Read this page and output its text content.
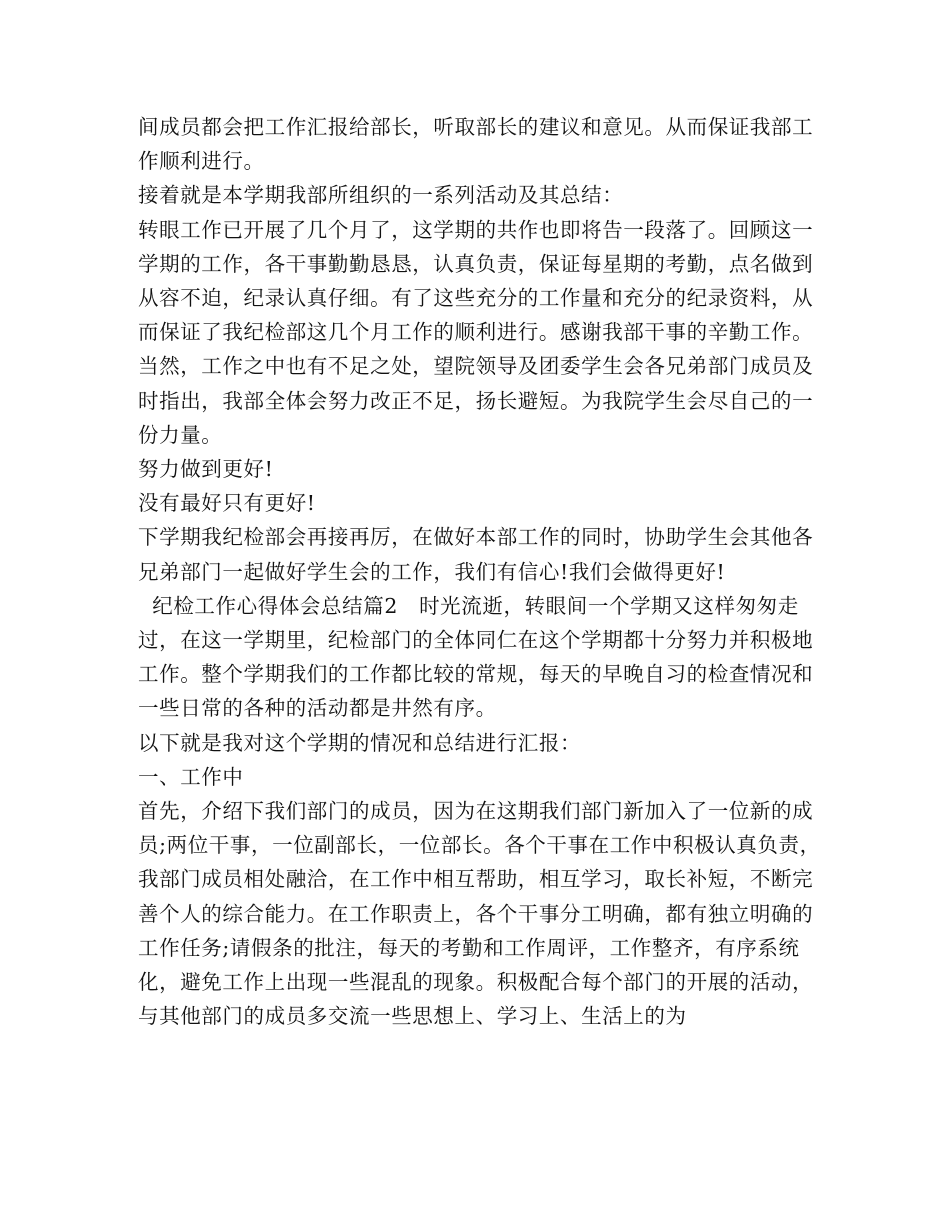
间成员都会把工作汇报给部长，听取部长的建议和意见。从而保证我部工作顺利进行。

接着就是本学期我部所组织的一系列活动及其总结：

转眼工作已开展了几个月了，这学期的共作也即将告一段落了。回顾这一学期的工作，各干事勤勤恳恳，认真负责，保证每星期的考勤，点名做到从容不迫，纪录认真仔细。有了这些充分的工作量和充分的纪录资料，从而保证了我纪检部这几个月工作的顺利进行。感谢我部干事的辛勤工作。

当然，工作之中也有不足之处，望院领导及团委学生会各兄弟部门成员及时指出，我部全体会努力改正不足，扬长避短。为我院学生会尽自己的一份力量。

努力做到更好!

没有最好只有更好!

下学期我纪检部会再接再厉，在做好本部工作的同时，协助学生会其他各兄弟部门一起做好学生会的工作，我们有信心!我们会做得更好!

纪检工作心得体会总结篇2　时光流逝，转眼间一个学期又这样匆匆走过，在这一学期里，纪检部门的全体同仁在这个学期都十分努力并积极地工作。整个学期我们的工作都比较的常规，每天的早晚自习的检查情况和一些日常的各种的活动都是井然有序。

以下就是我对这个学期的情况和总结进行汇报：

一、工作中

首先，介绍下我们部门的成员，因为在这期我们部门新加入了一位新的成员;两位干事，一位副部长，一位部长。各个干事在工作中积极认真负责，我部门成员相处融洽，在工作中相互帮助，相互学习，取长补短，不断完善个人的综合能力。在工作职责上，各个干事分工明确，都有独立明确的工作任务;请假条的批注，每天的考勤和工作周评，工作整齐，有序系统化，避免工作上出现一些混乱的现象。积极配合每个部门的开展的活动，与其他部门的成员多交流一些思想上、学习上、生活上的为
